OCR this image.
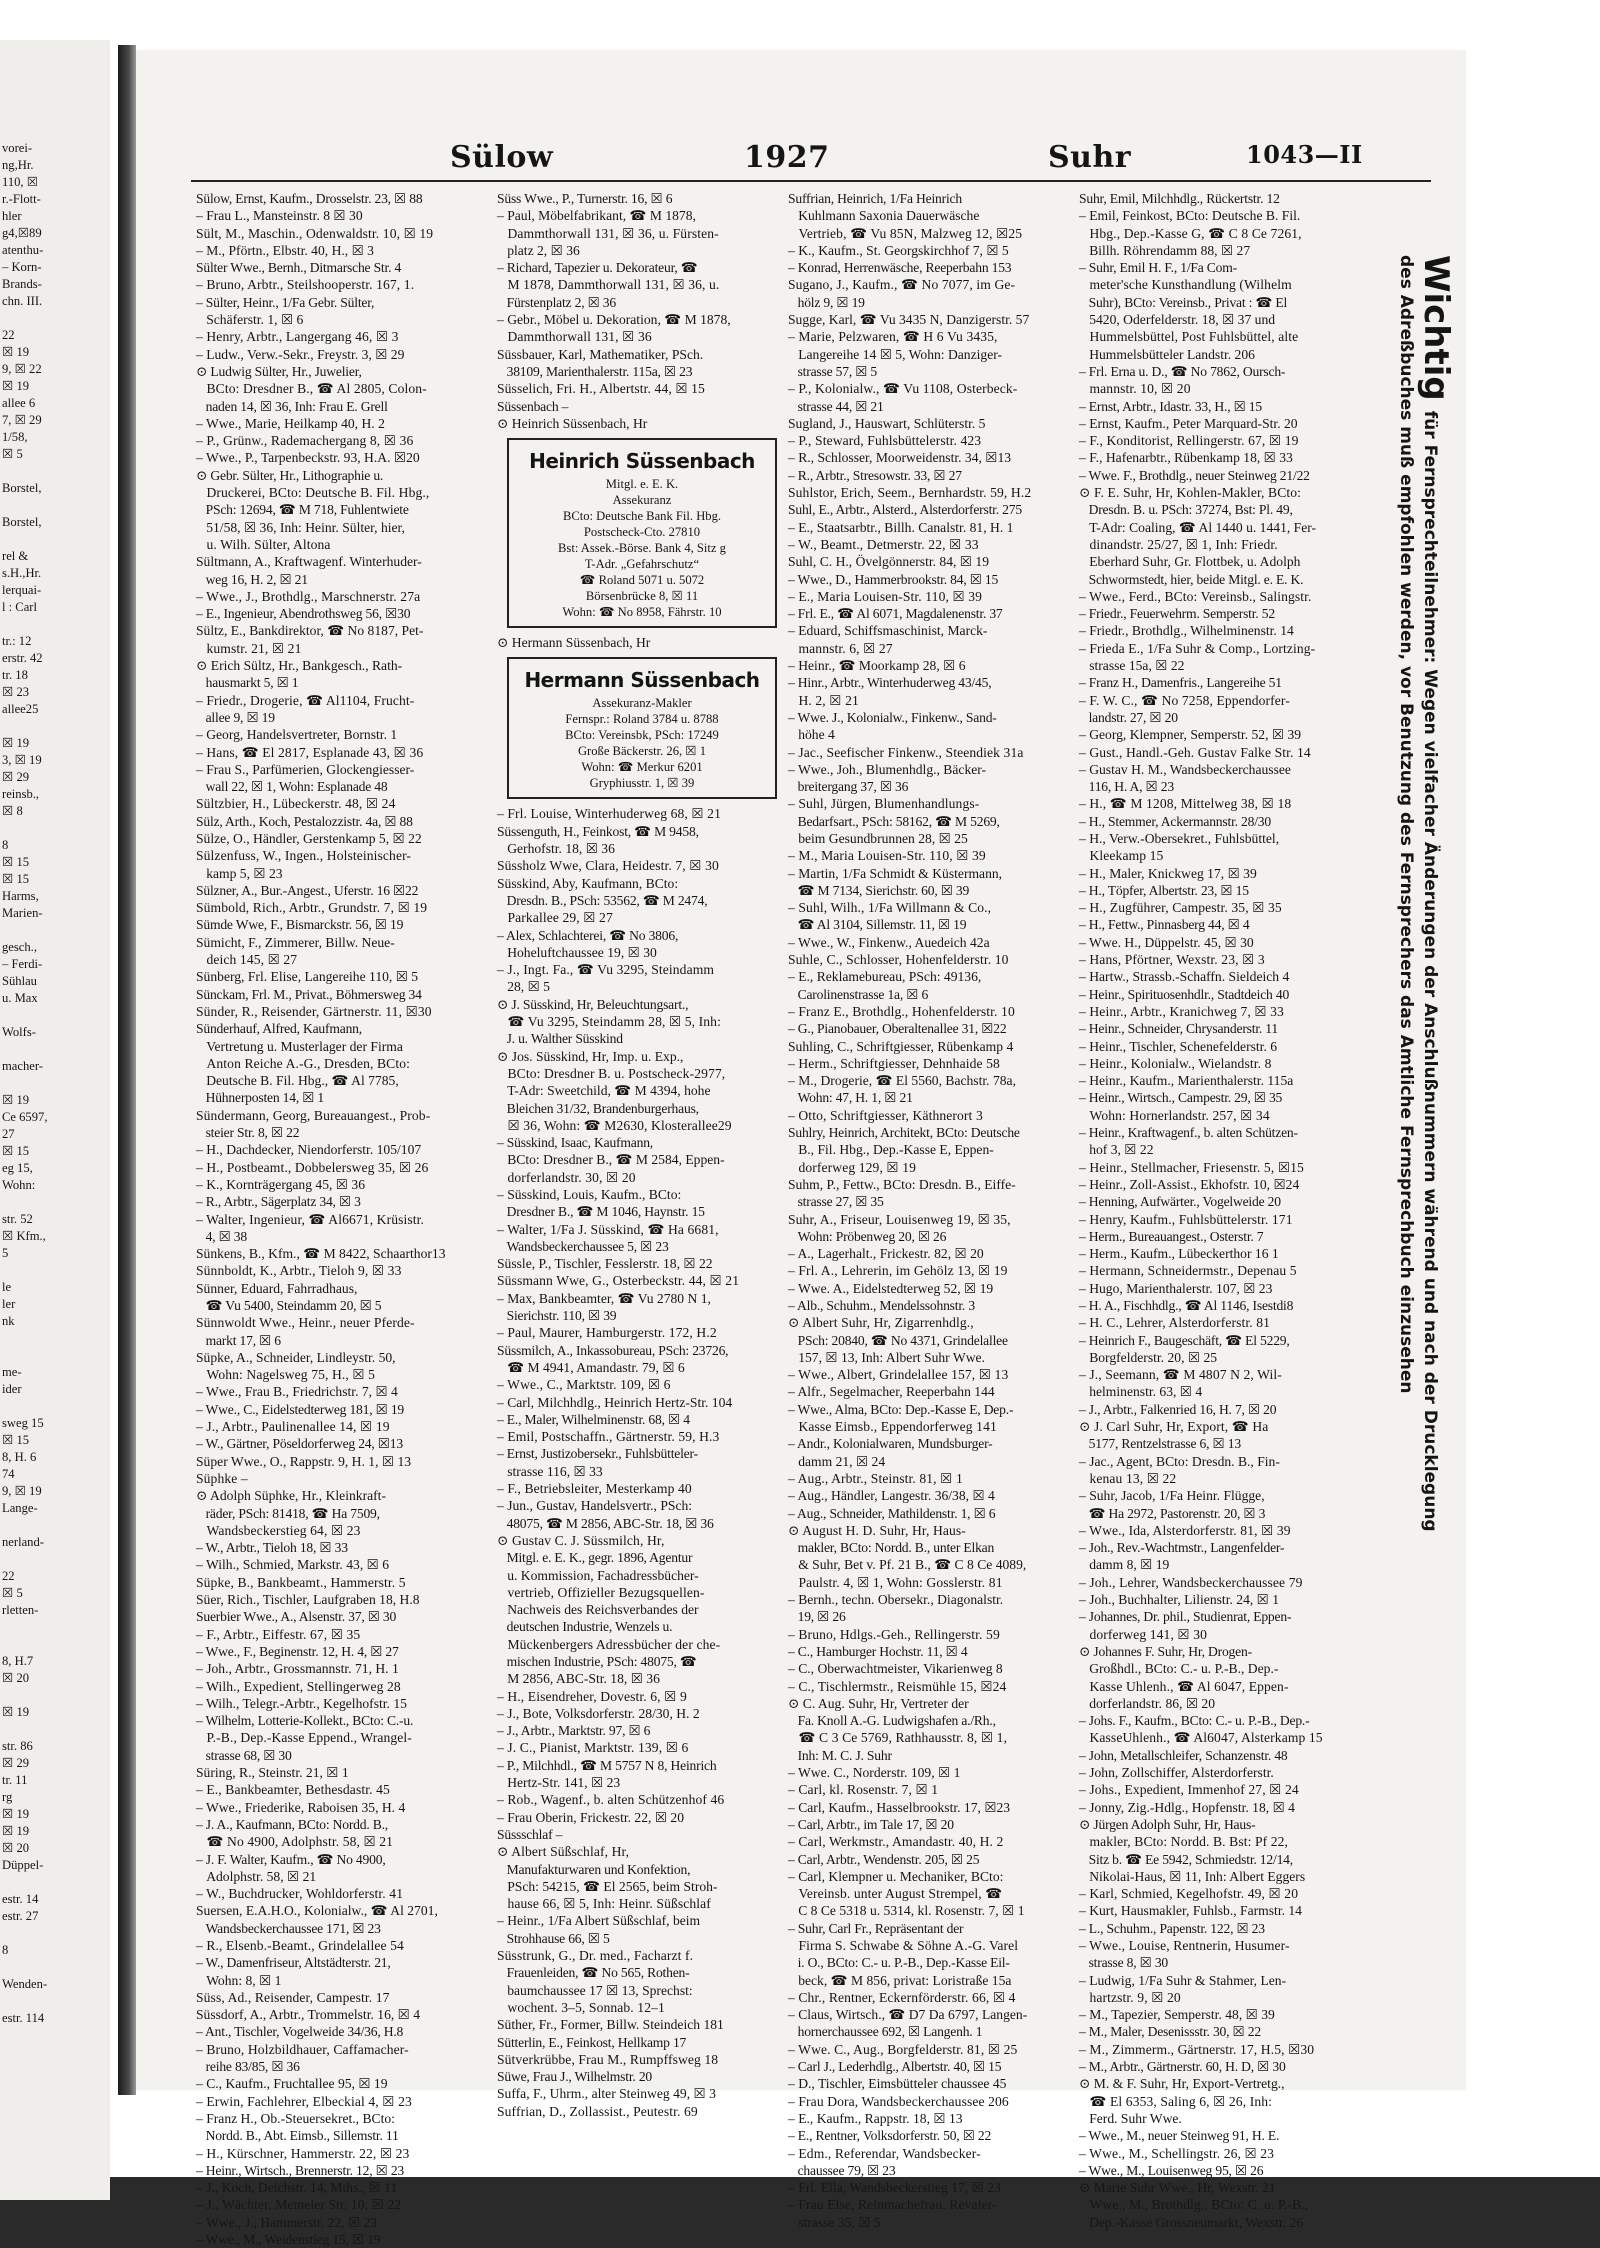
vorei-
ng,Hr.
110, ☒
r.-Flott-
hler
g4,☒89
atenthu-
– Korn-
Brands-
chn. III.

22
☒ 19
9, ☒ 22
☒ 19
allee 6
7, ☒ 29
1/58,
☒ 5

Borstel,

Borstel,

rel &
s.H.,Hr.
lerquai-
l : Carl

tr.: 12
erstr. 42
tr. 18
☒ 23
allee25

☒ 19
3, ☒ 19
☒ 29
reinsb.,
☒ 8

8
☒ 15
☒ 15
Harms,
Marien-

gesch.,
– Ferdi-
Sühlau
u. Max

Wolfs-

macher-

☒ 19
Ce 6597,
27
☒ 15
eg 15,
Wohn:

str. 52
☒ Kfm.,
5

le
ler
nk

me-
ider

sweg 15
☒ 15
8, H. 6
74
9, ☒ 19
Lange-

nerland-

22
☒ 5
rletten-

8, H.7
☒ 20

☒ 19

str. 86
☒ 29
tr. 11
rg
☒ 19
☒ 19
☒ 20
Düppel-

estr. 14
estr. 27

8

Wenden-

estr. 114
Sülow	1927	Suhr	1043—II
Sülow, Ernst, Kaufm., Drosselstr. 23, ☒ 88
– Frau L., Mansteinstr. 8 ☒ 30
Sült, M., Maschin., Odenwaldstr. 10, ☒ 19
– M., Pförtn., Elbstr. 40, H., ☒ 3
Sülter Wwe., Bernh., Ditmarsche Str. 4
– Bruno, Arbtr., Steilshooperstr. 167, 1.
– Sülter, Heinr., 1/Fa Gebr. Sülter,
Schäferstr. 1, ☒ 6
– Henry, Arbtr., Langergang 46, ☒ 3
– Ludw., Verw.-Sekr., Freystr. 3, ☒ 29
⊙ Ludwig Sülter, Hr., Juwelier,
BCto: Dresdner B., ☎ Al 2805, Colon-
naden 14, ☒ 36, Inh: Frau E. Grell
– Wwe., Marie, Heilkamp 40, H. 2
– P., Grünw., Rademachergang 8, ☒ 36
– Wwe., P., Tarpenbeckstr. 93, H.A. ☒20
⊙ Gebr. Sülter, Hr., Lithographie u.
Druckerei, BCto: Deutsche B. Fil. Hbg.,
PSch: 12694, ☎ M 718, Fuhlentwiete
51/58, ☒ 36, Inh: Heinr. Sülter, hier,
u. Wilh. Sülter, Altona
Sültmann, A., Kraftwagenf. Winterhuder-
weg 16, H. 2, ☒ 21
– Wwe., J., Brothdlg., Marschnerstr. 27a
– E., Ingenieur, Abendrothsweg 56, ☒30
Sültz, E., Bankdirektor, ☎ No 8187, Pet-
kumstr. 21, ☒ 21
⊙ Erich Sültz, Hr., Bankgesch., Rath-
hausmarkt 5, ☒ 1
– Friedr., Drogerie, ☎ Al1104, Frucht-
allee 9, ☒ 19
– Georg, Handelsvertreter, Bornstr. 1
– Hans, ☎ El 2817, Esplanade 43, ☒ 36
– Frau S., Parfümerien, Glockengiesser-
wall 22, ☒ 1, Wohn: Esplanade 48
Sültzbier, H., Lübeckerstr. 48, ☒ 24
Sülz, Arth., Koch, Pestalozzistr. 4a, ☒ 88
Sülze, O., Händler, Gerstenkamp 5, ☒ 22
Sülzenfuss, W., Ingen., Holsteinischer-
kamp 5, ☒ 23
Sülzner, A., Bur.-Angest., Uferstr. 16 ☒22
Sümbold, Rich., Arbtr., Grundstr. 7, ☒ 19
Sümde Wwe, F., Bismarckstr. 56, ☒ 19
Sümicht, F., Zimmerer, Billw. Neue-
deich 145, ☒ 27
Sünberg, Frl. Elise, Langereihe 110, ☒ 5
Sünckam, Frl. M., Privat., Böhmersweg 34
Sünder, R., Reisender, Gärtnerstr. 11, ☒30
Sünderhauf, Alfred, Kaufmann,
Vertretung u. Musterlager der Firma
Anton Reiche A.-G., Dresden, BCto:
Deutsche B. Fil. Hbg., ☎ Al 7785,
Hühnerposten 14, ☒ 1
Sündermann, Georg, Bureauangest., Prob-
steier Str. 8, ☒ 22
– H., Dachdecker, Niendorferstr. 105/107
– H., Postbeamt., Dobbelersweg 35, ☒ 26
– K., Kornträgergang 45, ☒ 36
– R., Arbtr., Sägerplatz 34, ☒ 3
– Walter, Ingenieur, ☎ Al6671, Krüsistr.
4, ☒ 38
Sünkens, B., Kfm., ☎ M 8422, Schaarthor13
Sünnboldt, K., Arbtr., Tieloh 9, ☒ 33
Sünner, Eduard, Fahrradhaus,
☎ Vu 5400, Steindamm 20, ☒ 5
Sünnwoldt Wwe., Heinr., neuer Pferde-
markt 17, ☒ 6
Süpke, A., Schneider, Lindleystr. 50,
Wohn: Nagelsweg 75, H., ☒ 5
– Wwe., Frau B., Friedrichstr. 7, ☒ 4
– Wwe., C., Eidelstedterweg 181, ☒ 19
– J., Arbtr., Paulinenallee 14, ☒ 19
– W., Gärtner, Pöseldorferweg 24, ☒13
Süper Wwe., O., Rappstr. 9, H. 1, ☒ 13
Süphke –
⊙ Adolph Süphke, Hr., Kleinkraft-
räder, PSch: 81418, ☎ Ha 7509,
Wandsbeckerstieg 64, ☒ 23
– W., Arbtr., Tieloh 18, ☒ 33
– Wilh., Schmied, Markstr. 43, ☒ 6
Süpke, B., Bankbeamt., Hammerstr. 5
Süer, Rich., Tischler, Laufgraben 18, H.8
Suerbier Wwe., A., Alsenstr. 37, ☒ 30
– F., Arbtr., Eiffestr. 67, ☒ 35
– Wwe., F., Beginenstr. 12, H. 4, ☒ 27
– Joh., Arbtr., Grossmannstr. 71, H. 1
– Wilh., Expedient, Stellingerweg 28
– Wilh., Telegr.-Arbtr., Kegelhofstr. 15
– Wilhelm, Lotterie-Kollekt., BCto: C.-u.
P.-B., Dep.-Kasse Eppend., Wrangel-
strasse 68, ☒ 30
Süring, R., Steinstr. 21, ☒ 1
– E., Bankbeamter, Bethesdastr. 45
– Wwe., Friederike, Raboisen 35, H. 4
– J. A., Kaufmann, BCto: Nordd. B.,
☎ No 4900, Adolphstr. 58, ☒ 21
– J. F. Walter, Kaufm., ☎ No 4900,
Adolphstr. 58, ☒ 21
– W., Buchdrucker, Wohldorferstr. 41
Suersen, E.A.H.O., Kolonialw., ☎ Al 2701,
Wandsbeckerchaussee 171, ☒ 23
– R., Elsenb.-Beamt., Grindelallee 54
– W., Damenfriseur, Altstädterstr. 21,
Wohn: 8, ☒ 1
Süss, Ad., Reisender, Campestr. 17
Süssdorf, A., Arbtr., Trommelstr. 16, ☒ 4
– Ant., Tischler, Vogelweide 34/36, H.8
– Bruno, Holzbildhauer, Caffamacher-
reihe 83/85, ☒ 36
– C., Kaufm., Fruchtallee 95, ☒ 19
– Erwin, Fachlehrer, Elbeckial 4, ☒ 23
– Franz H., Ob.-Steuersekret., BCto:
Nordd. B., Abt. Eimsb., Sillemstr. 11
– H., Kürschner, Hammerstr. 22, ☒ 23
– Heinr., Wirtsch., Brennerstr. 12, ☒ 23
– J., Koch, Deichstr. 14, Mths., ☒ 11
– J., Wächter, Memeler Str. 10, ☒ 22
– Wwe., J., Hammerstr. 22, ☒ 23
– Wwe., M., Weidenstieg 15, ☒ 19
Süss Wwe., P., Turnerstr. 16, ☒ 6
– Paul, Möbelfabrikant, ☎ M 1878,
Dammthorwall 131, ☒ 36, u. Fürsten-
platz 2, ☒ 36
– Richard, Tapezier u. Dekorateur, ☎
M 1878, Dammthorwall 131, ☒ 36, u.
Fürstenplatz 2, ☒ 36
– Gebr., Möbel u. Dekoration, ☎ M 1878,
Dammthorwall 131, ☒ 36
Süssbauer, Karl, Mathematiker, PSch.
38109, Marienthalerstr. 115a, ☒ 23
Süsselich, Fri. H., Albertstr. 44, ☒ 15
Süssenbach –
⊙ Heinrich Süssenbach, Hr
Heinrich Süssenbach
Mitgl. e. E. K.
Assekuranz
BCto: Deutsche Bank Fil. Hbg.
Postscheck-Cto. 27810
Bst: Assek.-Börse. Bank 4, Sitz g
T-Adr. „Gefahrschutz“
☎ Roland 5071 u. 5072
Börsenbrücke 8, ☒ 11
Wohn: ☎ No 8958, Fährstr. 10
⊙ Hermann Süssenbach, Hr
Hermann Süssenbach
Assekuranz-Makler
Fernspr.: Roland 3784 u. 8788
BCto: Vereinsbk, PSch: 17249
Große Bäckerstr. 26, ☒ 1
Wohn: ☎ Merkur 6201
Gryphiusstr. 1, ☒ 39
– Frl. Louise, Winterhuderweg 68, ☒ 21
Süssenguth, H., Feinkost, ☎ M 9458,
Gerhofstr. 18, ☒ 36
Süssholz Wwe, Clara, Heidestr. 7, ☒ 30
Süsskind, Aby, Kaufmann, BCto:
Dresdn. B., PSch: 53562, ☎ M 2474,
Parkallee 29, ☒ 27
– Alex, Schlachterei, ☎ No 3806,
Hoheluftchaussee 19, ☒ 30
– J., Ingt. Fa., ☎ Vu 3295, Steindamm
28, ☒ 5
⊙ J. Süsskind, Hr, Beleuchtungsart.,
☎ Vu 3295, Steindamm 28, ☒ 5, Inh:
J. u. Walther Süsskind
⊙ Jos. Süsskind, Hr, Imp. u. Exp.,
BCto: Dresdner B. u. Postscheck-2977,
T-Adr: Sweetchild, ☎ M 4394, hohe
Bleichen 31/32, Brandenburgerhaus,
☒ 36, Wohn: ☎ M2630, Klosterallee29
– Süsskind, Isaac, Kaufmann,
BCto: Dresdner B., ☎ M 2584, Eppen-
dorferlandstr. 30, ☒ 20
– Süsskind, Louis, Kaufm., BCto:
Dresdner B., ☎ M 1046, Haynstr. 15
– Walter, 1/Fa J. Süsskind, ☎ Ha 6681,
Wandsbeckerchaussee 5, ☒ 23
Süssle, P., Tischler, Fesslerstr. 18, ☒ 22
Süssmann Wwe, G., Osterbeckstr. 44, ☒ 21
– Max, Bankbeamter, ☎ Vu 2780 N 1,
Sierichstr. 110, ☒ 39
– Paul, Maurer, Hamburgerstr. 172, H.2
Süssmilch, A., Inkassobureau, PSch: 23726,
☎ M 4941, Amandastr. 79, ☒ 6
– Wwe., C., Marktstr. 109, ☒ 6
– Carl, Milchhdlg., Heinrich Hertz-Str. 104
– E., Maler, Wilhelminenstr. 68, ☒ 4
– Emil, Postschaffn., Gärtnerstr. 59, H.3
– Ernst, Justizobersekr., Fuhlsbütteler-
strasse 116, ☒ 33
– F., Betriebsleiter, Mesterkamp 40
– Jun., Gustav, Handelsvertr., PSch:
48075, ☎ M 2856, ABC-Str. 18, ☒ 36
⊙ Gustav C. J. Süssmilch, Hr,
Mitgl. e. E. K., gegr. 1896, Agentur
u. Kommission, Fachadressbücher-
vertrieb, Offizieller Bezugsquellen-
Nachweis des Reichsverbandes der
deutschen Industrie, Wenzels u.
Mückenbergers Adressbücher der che-
mischen Industrie, PSch: 48075, ☎
M 2856, ABC-Str. 18, ☒ 36
– H., Eisendreher, Dovestr. 6, ☒ 9
– J., Bote, Volksdorferstr. 28/30, H. 2
– J., Arbtr., Marktstr. 97, ☒ 6
– J. C., Pianist, Marktstr. 139, ☒ 6
– P., Milchhdl., ☎ M 5757 N 8, Heinrich
Hertz-Str. 141, ☒ 23
– Rob., Wagenf., b. alten Schützenhof 46
– Frau Oberin, Frickestr. 22, ☒ 20
Süssschlaf –
⊙ Albert Süßschlaf, Hr,
Manufakturwaren und Konfektion,
PSch: 54215, ☎ El 2565, beim Stroh-
hause 66, ☒ 5, Inh: Heinr. Süßschlaf
– Heinr., 1/Fa Albert Süßschlaf, beim
Strohhause 66, ☒ 5
Süsstrunk, G., Dr. med., Facharzt f.
Frauenleiden, ☎ No 565, Rothen-
baumchaussee 17 ☒ 13, Sprechst:
wochent. 3–5, Sonnab. 12–1
Süther, Fr., Former, Billw. Steindeich 181
Sütterlin, E., Feinkost, Hellkamp 17
Sütverkrübbe, Frau M., Rumpffsweg 18
Süwe, Frau J., Wilhelmstr. 20
Suffa, F., Uhrm., alter Steinweg 49, ☒ 3
Suffrian, D., Zollassist., Peutestr. 69
Suffrian, Heinrich, 1/Fa Heinrich
Kuhlmann Saxonia Dauerwäsche
Vertrieb, ☎ Vu 85N, Malzweg 12, ☒25
– K., Kaufm., St. Georgskirchhof 7, ☒ 5
– Konrad, Herrenwäsche, Reeperbahn 153
Sugano, J., Kaufm., ☎ No 7077, im Ge-
hölz 9, ☒ 19
Sugge, Karl, ☎ Vu 3435 N, Danzigerstr. 57
– Marie, Pelzwaren, ☎ H 6 Vu 3435,
Langereihe 14 ☒ 5, Wohn: Danziger-
strasse 57, ☒ 5
– P., Kolonialw., ☎ Vu 1108, Osterbeck-
strasse 44, ☒ 21
Sugland, J., Hauswart, Schlüterstr. 5
– P., Steward, Fuhlsbüttelerstr. 423
– R., Schlosser, Moorweidenstr. 34, ☒13
– R., Arbtr., Stresowstr. 33, ☒ 27
Suhlstor, Erich, Seem., Bernhardstr. 59, H.2
Suhl, E., Arbtr., Alsterd., Alsterdorferstr. 275
– E., Staatsarbtr., Billh. Canalstr. 81, H. 1
– W., Beamt., Detmerstr. 22, ☒ 33
Suhl, C. H., Övelgönnerstr. 84, ☒ 19
– Wwe., D., Hammerbrookstr. 84, ☒ 15
– E., Maria Louisen-Str. 110, ☒ 39
– Frl. E., ☎ Al 6071, Magdalenenstr. 37
– Eduard, Schiffsmaschinist, Marck-
mannstr. 6, ☒ 27
– Heinr., ☎ Moorkamp 28, ☒ 6
– Hinr., Arbtr., Winterhuderweg 43/45,
H. 2, ☒ 21
– Wwe. J., Kolonialw., Finkenw., Sand-
höhe 4
– Jac., Seefischer Finkenw., Steendiek 31a
– Wwe., Joh., Blumenhdlg., Bäcker-
breitergang 37, ☒ 36
– Suhl, Jürgen, Blumenhandlungs-
Bedarfsart., PSch: 58162, ☎ M 5269,
beim Gesundbrunnen 28, ☒ 25
– M., Maria Louisen-Str. 110, ☒ 39
– Martin, 1/Fa Schmidt & Küstermann,
☎ M 7134, Sierichstr. 60, ☒ 39
– Suhl, Wilh., 1/Fa Willmann & Co.,
☎ Al 3104, Sillemstr. 11, ☒ 19
– Wwe., W., Finkenw., Auedeich 42a
Suhle, C., Schlosser, Hohenfelderstr. 10
– E., Reklamebureau, PSch: 49136,
Carolinenstrasse 1a, ☒ 6
– Franz E., Brothdlg., Hohenfelderstr. 10
– G., Pianobauer, Oberaltenallee 31, ☒22
Suhling, C., Schriftgiesser, Rübenkamp 4
– Herm., Schriftgiesser, Dehnhaide 58
– M., Drogerie, ☎ El 5560, Bachstr. 78a,
Wohn: 47, H. 1, ☒ 21
– Otto, Schriftgiesser, Käthnerort 3
Suhlry, Heinrich, Architekt, BCto: Deutsche
B., Fil. Hbg., Dep.-Kasse E, Eppen-
dorferweg 129, ☒ 19
Suhm, P., Fettw., BCto: Dresdn. B., Eiffe-
strasse 27, ☒ 35
Suhr, A., Friseur, Louisenweg 19, ☒ 35,
Wohn: Pröbenweg 20, ☒ 26
– A., Lagerhalt., Frickestr. 82, ☒ 20
– Frl. A., Lehrerin, im Gehölz 13, ☒ 19
– Wwe. A., Eidelstedterweg 52, ☒ 19
– Alb., Schuhm., Mendelssohnstr. 3
⊙ Albert Suhr, Hr, Zigarrenhdlg.,
PSch: 20840, ☎ No 4371, Grindelallee
157, ☒ 13, Inh: Albert Suhr Wwe.
– Wwe., Albert, Grindelallee 157, ☒ 13
– Alfr., Segelmacher, Reeperbahn 144
– Wwe., Alma, BCto: Dep.-Kasse E, Dep.-
Kasse Eimsb., Eppendorferweg 141
– Andr., Kolonialwaren, Mundsburger-
damm 21, ☒ 24
– Aug., Arbtr., Steinstr. 81, ☒ 1
– Aug., Händler, Langestr. 36/38, ☒ 4
– Aug., Schneider, Mathildenstr. 1, ☒ 6
⊙ August H. D. Suhr, Hr, Haus-
makler, BCto: Nordd. B., unter Elkan
& Suhr, Bet v. Pf. 21 B., ☎ C 8 Ce 4089,
Paulstr. 4, ☒ 1, Wohn: Gosslerstr. 81
– Bernh., techn. Obersekr., Diagonalstr.
19, ☒ 26
– Bruno, Hdlgs.-Geh., Rellingerstr. 59
– C., Hamburger Hochstr. 11, ☒ 4
– C., Oberwachtmeister, Vikarienweg 8
– C., Tischlermstr., Reismühle 15, ☒24
⊙ C. Aug. Suhr, Hr, Vertreter der
Fa. Knoll A.-G. Ludwigshafen a./Rh.,
☎ C 3 Ce 5769, Rathhausstr. 8, ☒ 1,
Inh: M. C. J. Suhr
– Wwe. C., Norderstr. 109, ☒ 1
– Carl, kl. Rosenstr. 7, ☒ 1
– Carl, Kaufm., Hasselbrookstr. 17, ☒23
– Carl, Arbtr., im Tale 17, ☒ 20
– Carl, Werkmstr., Amandastr. 40, H. 2
– Carl, Arbtr., Wendenstr. 205, ☒ 25
– Carl, Klempner u. Mechaniker, BCto:
Vereinsb. unter August Strempel, ☎
C 8 Ce 5318 u. 5314, kl. Rosenstr. 7, ☒ 1
– Suhr, Carl Fr., Repräsentant der
Firma S. Schwabe & Söhne A.-G. Varel
i. O., BCto: C.- u. P.-B., Dep.-Kasse Eil-
beck, ☎ M 856, privat: Loristraße 15a
– Chr., Rentner, Eckernförderstr. 66, ☒ 4
– Claus, Wirtsch., ☎ D7 Da 6797, Langen-
hornerchaussee 692, ☒ Langenh. 1
– Wwe. C., Aug., Borgfelderstr. 81, ☒ 25
– Carl J., Lederhdlg., Albertstr. 40, ☒ 15
– D., Tischler, Eimsbütteler chaussee 45
– Frau Dora, Wandsbeckerchaussee 206
– E., Kaufm., Rappstr. 18, ☒ 13
– E., Rentner, Volksdorferstr. 50, ☒ 22
– Edm., Referendar, Wandsbecker-
chaussee 79, ☒ 23
– Frl. Ella, Wandsbeckerstieg 17, ☒ 23
– Frau Else, Reinmachefrau, Revaler-
strasse 35, ☒ 5
Suhr, Emil, Milchhdlg., Rückertstr. 12
– Emil, Feinkost, BCto: Deutsche B. Fil.
Hbg., Dep.-Kasse G, ☎ C 8 Ce 7261,
Billh. Röhrendamm 88, ☒ 27
– Suhr, Emil H. F., 1/Fa Com-
meter'sche Kunsthandlung (Wilhelm
Suhr), BCto: Vereinsb., Privat : ☎ El
5420, Oderfelderstr. 18, ☒ 37 und
Hummelsbüttel, Post Fuhlsbüttel, alte
Hummelsbütteler Landstr. 206
– Frl. Erna u. D., ☎ No 7862, Oursch-
mannstr. 10, ☒ 20
– Ernst, Arbtr., Idastr. 33, H., ☒ 15
– Ernst, Kaufm., Peter Marquard-Str. 20
– F., Konditorist, Rellingerstr. 67, ☒ 19
– F., Hafenarbtr., Rübenkamp 18, ☒ 33
– Wwe. F., Brothdlg., neuer Steinweg 21/22
⊙ F. E. Suhr, Hr, Kohlen-Makler, BCto:
Dresdn. B. u. PSch: 37274, Bst: Pl. 49,
T-Adr: Coaling, ☎ Al 1440 u. 1441, Fer-
dinandstr. 25/27, ☒ 1, Inh: Friedr.
Eberhard Suhr, Gr. Flottbek, u. Adolph
Schwormstedt, hier, beide Mitgl. e. E. K.
– Wwe., Ferd., BCto: Vereinsb., Salingstr.
– Friedr., Feuerwehrm. Semperstr. 52
– Friedr., Brothdlg., Wilhelminenstr. 14
– Frieda E., 1/Fa Suhr & Comp., Lortzing-
strasse 15a, ☒ 22
– Franz H., Damenfris., Langereihe 51
– F. W. C., ☎ No 7258, Eppendorfer-
landstr. 27, ☒ 20
– Georg, Klempner, Semperstr. 52, ☒ 39
– Gust., Handl.-Geh. Gustav Falke Str. 14
– Gustav H. M., Wandsbeckerchaussee
116, H. A, ☒ 23
– H., ☎ M 1208, Mittelweg 38, ☒ 18
– H., Stemmer, Ackermannstr. 28/30
– H., Verw.-Obersekret., Fuhlsbüttel,
Kleekamp 15
– H., Maler, Knickweg 17, ☒ 39
– H., Töpfer, Albertstr. 23, ☒ 15
– H., Zugführer, Campestr. 35, ☒ 35
– H., Fettw., Pinnasberg 44, ☒ 4
– Wwe. H., Düppelstr. 45, ☒ 30
– Hans, Pförtner, Wexstr. 23, ☒ 3
– Hartw., Strassb.-Schaffn. Sieldeich 4
– Heinr., Spirituosenhdlr., Stadtdeich 40
– Heinr., Arbtr., Kranichweg 7, ☒ 33
– Heinr., Schneider, Chrysanderstr. 11
– Heinr., Tischler, Schenefelderstr. 6
– Heinr., Kolonialw., Wielandstr. 8
– Heinr., Kaufm., Marienthalerstr. 115a
– Heinr., Wirtsch., Campestr. 29, ☒ 35
Wohn: Hornerlandstr. 257, ☒ 34
– Heinr., Kraftwagenf., b. alten Schützen-
hof 3, ☒ 22
– Heinr., Stellmacher, Friesenstr. 5, ☒15
– Heinr., Zoll-Assist., Ekhofstr. 10, ☒24
– Henning, Aufwärter., Vogelweide 20
– Henry, Kaufm., Fuhlsbüttelerstr. 171
– Herm., Bureauangest., Osterstr. 7
– Herm., Kaufm., Lübeckerthor 16 1
– Hermann, Schneidermstr., Depenau 5
– Hugo, Marienthalerstr. 107, ☒ 23
– H. A., Fischhdlg., ☎ Al 1146, Isestdi8
– H. C., Lehrer, Alsterdorferstr. 81
– Heinrich F., Baugeschäft, ☎ El 5229,
Borgfelderstr. 20, ☒ 25
– J., Seemann, ☎ M 4807 N 2, Wil-
helminenstr. 63, ☒ 4
– J., Arbtr., Falkenried 16, H. 7, ☒ 20
⊙ J. Carl Suhr, Hr, Export, ☎ Ha
5177, Rentzelstrasse 6, ☒ 13
– Jac., Agent, BCto: Dresdn. B., Fin-
kenau 13, ☒ 22
– Suhr, Jacob, 1/Fa Heinr. Flügge,
☎ Ha 2972, Pastorenstr. 20, ☒ 3
– Wwe., Ida, Alsterdorferstr. 81, ☒ 39
– Joh., Rev.-Wachtmstr., Langenfelder-
damm 8, ☒ 19
– Joh., Lehrer, Wandsbeckerchaussee 79
– Joh., Buchhalter, Lilienstr. 24, ☒ 1
– Johannes, Dr. phil., Studienrat, Eppen-
dorferweg 141, ☒ 30
⊙ Johannes F. Suhr, Hr, Drogen-
Großhdl., BCto: C.- u. P.-B., Dep.-
Kasse Uhlenh., ☎ Al 6047, Eppen-
dorferlandstr. 86, ☒ 20
– Johs. F., Kaufm., BCto: C.- u. P.-B., Dep.-
KasseUhlenh., ☎ Al6047, Alsterkamp 15
– John, Metallschleifer, Schanzenstr. 48
– John, Zollschiffer, Alsterdorferstr.
– Johs., Expedient, Immenhof 27, ☒ 24
– Jonny, Zig.-Hdlg., Hopfenstr. 18, ☒ 4
⊙ Jürgen Adolph Suhr, Hr, Haus-
makler, BCto: Nordd. B. Bst: Pf 22,
Sitz b. ☎ Ee 5942, Schmiedstr. 12/14,
Nikolai-Haus, ☒ 11, Inh: Albert Eggers
– Karl, Schmied, Kegelhofstr. 49, ☒ 20
– Kurt, Hausmakler, Fuhlsb., Farmstr. 14
– L., Schuhm., Papenstr. 122, ☒ 23
– Wwe., Louise, Rentnerin, Husumer-
strasse 8, ☒ 30
– Ludwig, 1/Fa Suhr & Stahmer, Len-
hartzstr. 9, ☒ 20
– M., Tapezier, Semperstr. 48, ☒ 39
– M., Maler, Desenissstr. 30, ☒ 22
– M., Zimmerm., Gärtnerstr. 17, H.5, ☒30
– M., Arbtr., Gärtnerstr. 60, H. D, ☒ 30
⊙ M. & F. Suhr, Hr, Export-Vertretg.,
☎ El 6353, Saling 6, ☒ 26, Inh:
Ferd. Suhr Wwe.
– Wwe., M., neuer Steinweg 91, H. E.
– Wwe., M., Schellingstr. 26, ☒ 23
– Wwe., M., Louisenweg 95, ☒ 26
⊙ Marie Suhr Wwe., Hr, Wexstr. 21
Wwe., M., Brothdlg., BCto: C. u. P.-B.,
Dep.-Kasse Grossneumarkt, Wexstr. 26
Wichtigfür Fernsprechteilnehmer: Wegen vielfacher Änderungen der Anschlußnummern während und nach der Drucklegung
des Adreßbuches muß empfohlen werden, vor Benutzung des Fernsprechers das Amtliche Fernsprechbuch einzusehen
